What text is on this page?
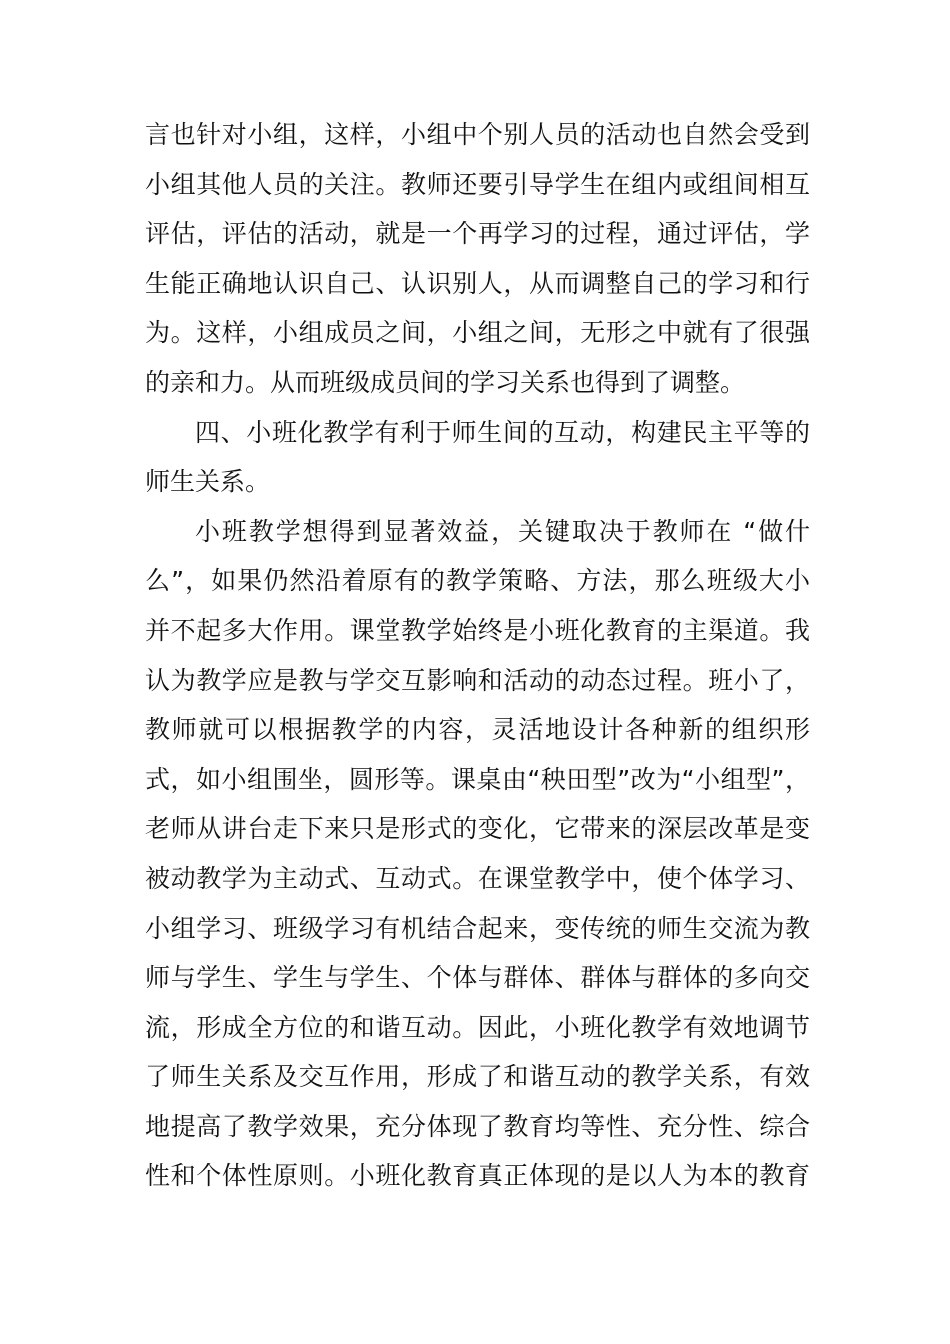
言也针对小组，这样，小组中个别人员的活动也自然会受到
小组其他人员的关注。教师还要引导学生在组内或组间相互
评估，评估的活动，就是一个再学习的过程，通过评估，学
生能正确地认识自己、认识别人，从而调整自己的学习和行
为。这样，小组成员之间，小组之间，无形之中就有了很强
的亲和力。从而班级成员间的学习关系也得到了调整。
四、小班化教学有利于师生间的互动，构建民主平等的
师生关系。
小班教学想得到显著效益，关键取决于教师在 “做什
么”，如果仍然沿着原有的教学策略、方法，那么班级大小
并不起多大作用。课堂教学始终是小班化教育的主渠道。我
认为教学应是教与学交互影响和活动的动态过程。班小了，
教师就可以根据教学的内容，灵活地设计各种新的组织形
式，如小组围坐，圆形等。课桌由“秧田型”改为“小组型”，
老师从讲台走下来只是形式的变化，它带来的深层改革是变
被动教学为主动式、互动式。在课堂教学中，使个体学习、
小组学习、班级学习有机结合起来，变传统的师生交流为教
师与学生、学生与学生、个体与群体、群体与群体的多向交
流，形成全方位的和谐互动。因此，小班化教学有效地调节
了师生关系及交互作用，形成了和谐互动的教学关系，有效
地提高了教学效果，充分体现了教育均等性、充分性、综合
性和个体性原则。小班化教育真正体现的是以人为本的教育
